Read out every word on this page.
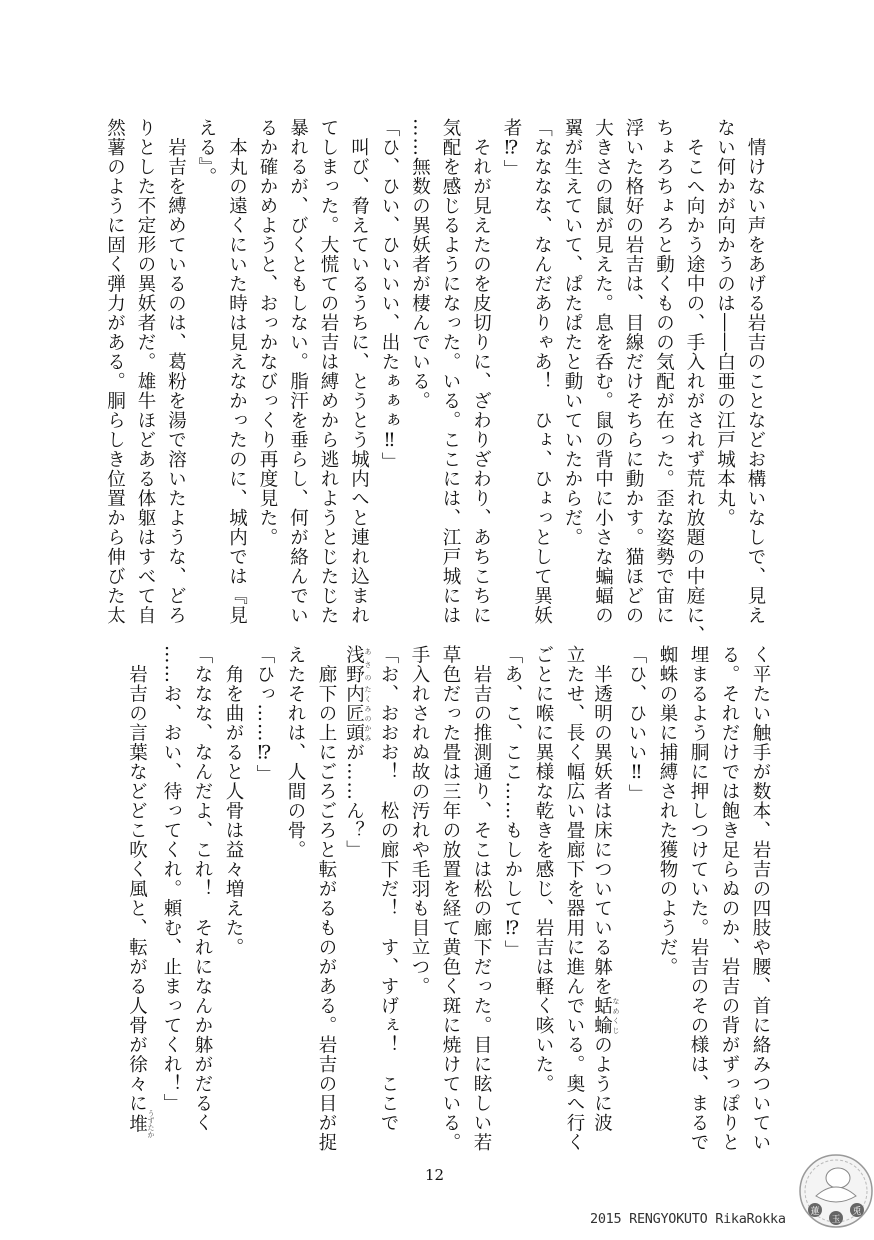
　情けない声をあげる岩吉のことなどお構いなしで、見え
ない何かが向かうのは――白亜の江戸城本丸。
　そこへ向かう途中の、手入れがされず荒れ放題の中庭に、
ちょろちょろと動くものの気配が在った。歪な姿勢で宙に
浮いた格好の岩吉は、目線だけそちらに動かす。猫ほどの
大きさの鼠が見えた。息を呑む。鼠の背中に小さな蝙蝠の
翼が生えていて、ぱたぱたと動いていたからだ。
「なななな、なんだありゃあ！　ひょ、ひょっとして異妖
者⁉」
　それが見えたのを皮切りに、ざわりざわり、あちこちに
気配を感じるようになった。いる。ここには、江戸城には
……無数の異妖者が棲んでいる。
「ひ、ひい、ひいいい、出たぁぁぁ‼」
　叫び、脅えているうちに、とうとう城内へと連れ込まれ
てしまった。大慌ての岩吉は縛めから逃れようとじたじた
暴れるが、びくともしない。脂汗を垂らし、何が絡んでい
るか確かめようと、おっかなびっくり再度見た。
　本丸の遠くにいた時は見えなかったのに、城内では『見
える』。
　岩吉を縛めているのは、葛粉を湯で溶いたような、どろ
りとした不定形の異妖者だ。雄牛ほどある体躯はすべて自
然薯のように固く弾力がある。胴らしき位置から伸びた太
く平たい触手が数本、岩吉の四肢や腰、首に絡みついてい
る。それだけでは飽き足らぬのか、岩吉の背がずっぽりと
埋まるよう胴に押しつけていた。岩吉のその様は、まるで
蜘蛛の巣に捕縛された獲物のようだ。
「ひ、ひいい‼」
　半透明の異妖者は床についている躰を蛞蝓 なめくじのように波
立たせ、長く幅広い畳廊下を器用に進んでいる。奥へ行く
ごとに喉に異様な乾きを感じ、岩吉は軽く咳いた。
「あ、こ、ここ……もしかして⁉」
　岩吉の推測通り、そこは松の廊下だった。目に眩しい若
草色だった畳は三年の放置を経て黄色く斑に焼けている。
手入れされぬ故の汚れや毛羽も目立つ。
「お、おおお！　松の廊下だ！　す、すげぇ！　ここで
浅野 あさの内匠頭 たくみのかみが……ん？」
　廊下の上にごろごろと転がるものがある。岩吉の目が捉
えたそれは、人間の骨。
「ひっ……⁉」
　角を曲がると人骨は益々増えた。
「ななな、なんだよ、これ！　それになんか躰がだるく
……お、おい、待ってくれ。頼む、止まってくれ！」
　岩吉の言葉などどこ吹く風と、転がる人骨が徐々に堆 うずたか
12
2015 RENGYOKUTO RikaRokka	蓮
玉
兎
